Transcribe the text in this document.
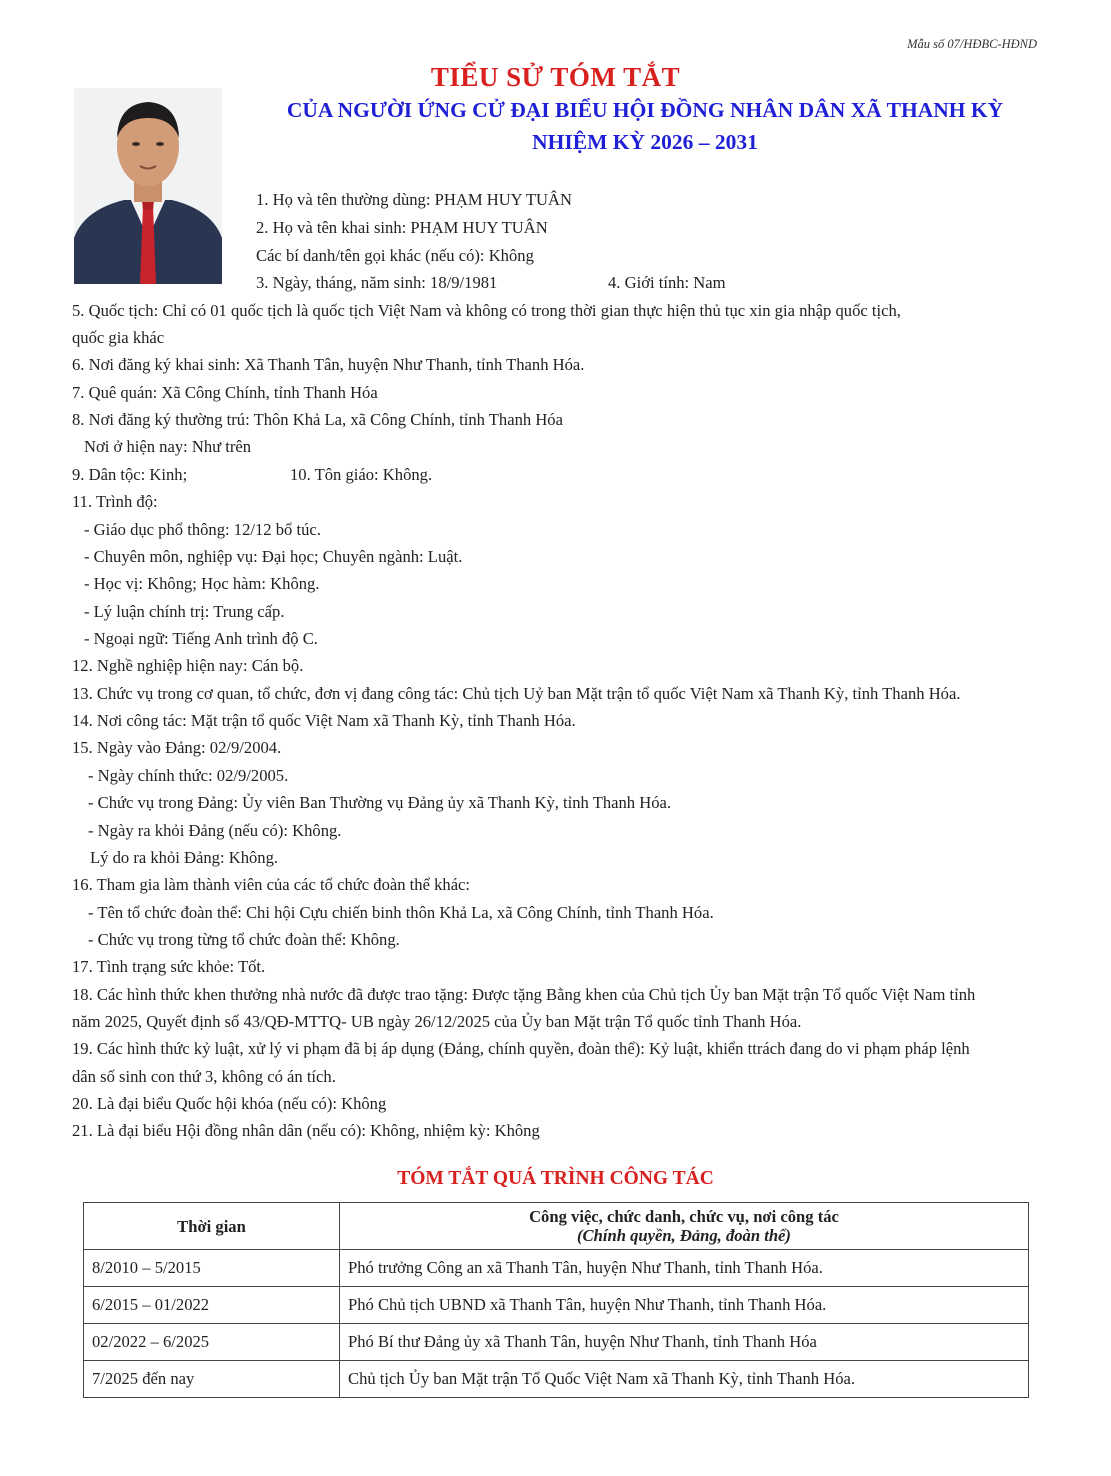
Mẫu số 07/HĐBC-HĐND
TIỂU SỬ TÓM TẮT
CỦA NGƯỜI ỨNG CỬ ĐẠI BIỂU HỘI ĐỒNG NHÂN DÂN XÃ THANH KỲ
NHIỆM KỲ 2026 – 2031
1. Họ và tên thường dùng: PHẠM HUY TUÂN
2. Họ và tên khai sinh: PHẠM HUY TUÂN
Các bí danh/tên gọi khác (nếu có): Không
3. Ngày, tháng, năm sinh: 18/9/1981	4. Giới tính: Nam
5. Quốc tịch: Chỉ có 01 quốc tịch là quốc tịch Việt Nam và không có trong thời gian thực hiện thủ tục xin gia nhập quốc tịch,
quốc gia khác
6. Nơi đăng ký khai sinh: Xã Thanh Tân, huyện Như Thanh, tỉnh Thanh Hóa.
7. Quê quán: Xã Công Chính, tỉnh Thanh Hóa
8. Nơi đăng ký thường trú: Thôn Khả La, xã Công Chính, tỉnh Thanh Hóa
Nơi ở hiện nay: Như trên
9. Dân tộc: Kinh;	10. Tôn giáo: Không.
11. Trình độ:
- Giáo dục phổ thông: 12/12 bổ túc.
- Chuyên môn, nghiệp vụ: Đại học; Chuyên ngành: Luật.
- Học vị: Không; Học hàm: Không.
- Lý luận chính trị: Trung cấp.
- Ngoại ngữ: Tiếng Anh trình độ C.
12. Nghề nghiệp hiện nay: Cán bộ.
13. Chức vụ trong cơ quan, tổ chức, đơn vị đang công tác: Chủ tịch Uỷ ban Mặt trận tổ quốc Việt Nam xã Thanh Kỳ, tỉnh Thanh Hóa.
14. Nơi công tác: Mặt trận tổ quốc Việt Nam xã Thanh Kỳ, tỉnh Thanh Hóa.
15. Ngày vào Đảng: 02/9/2004.
- Ngày chính thức: 02/9/2005.
- Chức vụ trong Đảng: Ủy viên Ban Thường vụ Đảng ủy xã Thanh Kỳ, tỉnh Thanh Hóa.
- Ngày ra khỏi Đảng (nếu có): Không.
Lý do ra khỏi Đảng: Không.
16. Tham gia làm thành viên của các tổ chức đoàn thể khác:
- Tên tổ chức đoàn thể: Chi hội Cựu chiến binh thôn Khả La, xã Công Chính, tỉnh Thanh Hóa.
- Chức vụ trong từng tổ chức đoàn thể: Không.
17. Tình trạng sức khỏe: Tốt.
18. Các hình thức khen thưởng nhà nước đã được trao tặng: Được tặng Bằng khen của Chủ tịch Ủy ban Mặt trận Tổ quốc Việt Nam tỉnh
năm 2025, Quyết định số 43/QĐ-MTTQ- UB ngày 26/12/2025 của Ủy ban Mặt trận Tổ quốc tỉnh Thanh Hóa.
19. Các hình thức kỷ luật, xử lý vi phạm đã bị áp dụng (Đảng, chính quyền, đoàn thể): Kỷ luật, khiển ttrách đang do vi phạm pháp lệnh
dân số sinh con thứ 3, không có án tích.
20. Là đại biểu Quốc hội khóa (nếu có): Không
21. Là đại biểu Hội đồng nhân dân (nếu có): Không, nhiệm kỳ: Không
TÓM TẮT QUÁ TRÌNH CÔNG TÁC
Thời gian	Công việc, chức danh, chức vụ, nơi công tác
(Chính quyền, Đảng, đoàn thể)

8/2010 – 5/2015	Phó trưởng Công an xã Thanh Tân, huyện Như Thanh, tỉnh Thanh Hóa.
6/2015 – 01/2022	Phó Chủ tịch UBND xã Thanh Tân, huyện Như Thanh, tỉnh Thanh Hóa.
02/2022 – 6/2025	Phó Bí thư Đảng ủy xã Thanh Tân, huyện Như Thanh, tỉnh Thanh Hóa
7/2025 đến nay	Chủ tịch Ủy ban Mặt trận Tổ Quốc Việt Nam xã Thanh Kỳ, tỉnh Thanh Hóa.
